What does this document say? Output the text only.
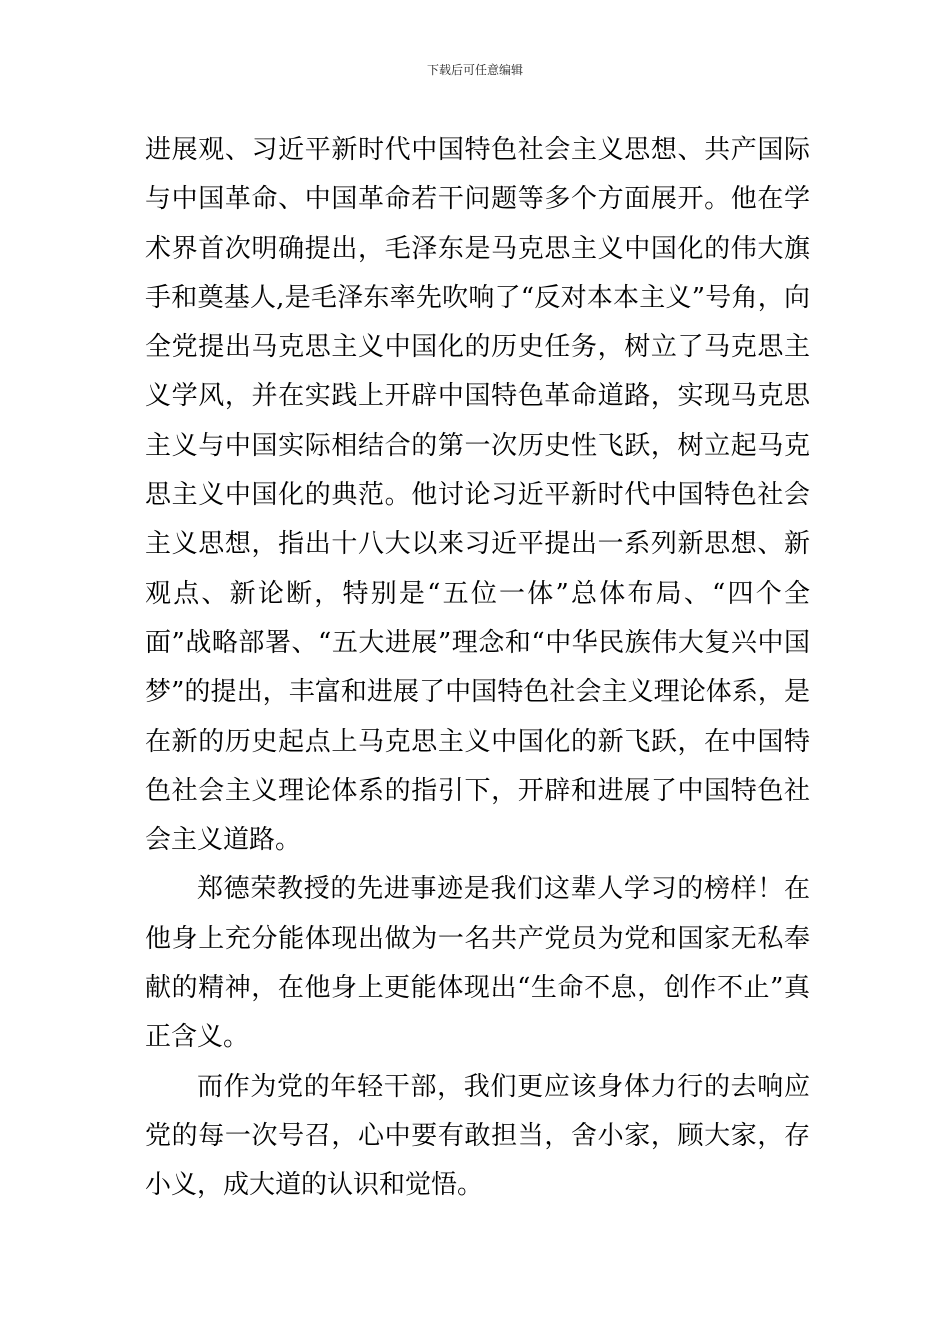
下载后可任意编辑

进展观、习近平新时代中国特色社会主义思想、共产国际与中国革命、中国革命若干问题等多个方面展开。他在学术界首次明确提出，毛泽东是马克思主义中国化的伟大旗手和奠基人,是毛泽东率先吹响了“反对本本主义”号角，向全党提出马克思主义中国化的历史任务，树立了马克思主义学风，并在实践上开辟中国特色革命道路，实现马克思主义与中国实际相结合的第一次历史性飞跃，树立起马克思主义中国化的典范。他讨论习近平新时代中国特色社会主义思想，指出十八大以来习近平提出一系列新思想、新观点、新论断，特别是“五位一体”总体布局、“四个全面”战略部署、“五大进展”理念和“中华民族伟大复兴中国梦”的提出，丰富和进展了中国特色社会主义理论体系，是在新的历史起点上马克思主义中国化的新飞跃，在中国特色社会主义理论体系的指引下，开辟和进展了中国特色社会主义道路。

郑德荣教授的先进事迹是我们这辈人学习的榜样！在他身上充分能体现出做为一名共产党员为党和国家无私奉献的精神，在他身上更能体现出“生命不息，创作不止”真正含义。

而作为党的年轻干部，我们更应该身体力行的去响应党的每一次号召，心中要有敢担当，舍小家，顾大家，存小义，成大道的认识和觉悟。
